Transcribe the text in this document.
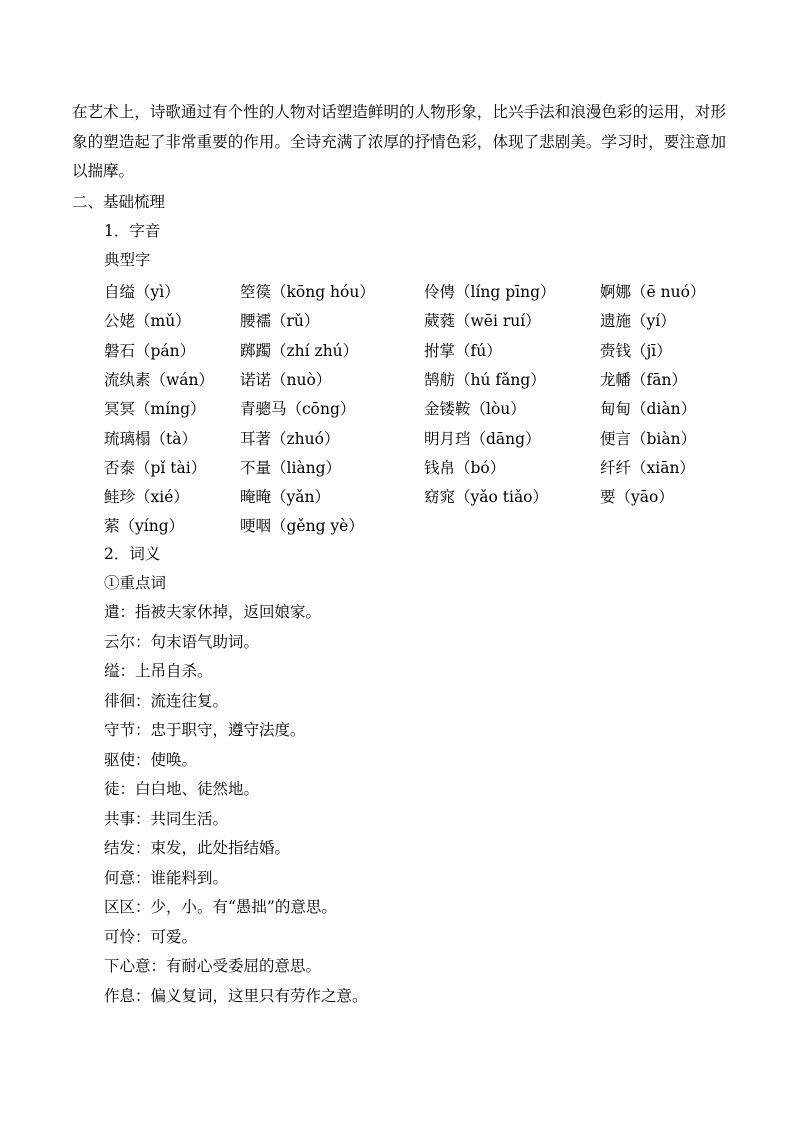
在艺术上，诗歌通过有个性的人物对话塑造鲜明的人物形象，比兴手法和浪漫色彩的运用，对形象的塑造起了非常重要的作用。全诗充满了浓厚的抒情色彩，体现了悲剧美。学习时，要注意加以揣摩。
二、基础梳理
1．字音
典型字
自缢（yì）	箜篌（kōng hóu）	伶俜（líng pīng）	婀娜（ē nuó）
公姥（mǔ）	腰襦（rǔ）	葳蕤（wēi ruí）	遗施（yí）
磐石（pán）	踯躅（zhí zhú）	拊掌（fú）	赍钱（jī）
流纨素（wán） 诺诺（nuò）	鹄舫（hú fǎng）	龙幡（fān）
冥冥（míng） 青骢马（cōng）	金镂鞍（lòu）	甸甸（diàn）
琉璃榻（tà）	耳著（zhuó）	明月珰（dāng）	便言（biàn）
否泰（pǐ tài） 不量（liàng）	钱帛（bó）	纤纤（xiān）
鲑珍（xié）	晻晻（yǎn）	窈窕（yǎo tiǎo）	要（yāo）
萦（yíng）	哽咽（gěng yè）
2．词义
①重点词
遣：指被夫家休掉，返回娘家。
云尔：句末语气助词。
缢：上吊自杀。
徘徊：流连往复。
守节：忠于职守，遵守法度。
驱使：使唤。
徒：白白地、徒然地。
共事：共同生活。
结发：束发，此处指结婚。
何意：谁能料到。
区区：少，小。有“愚拙”的意思。
可怜：可爱。
下心意：有耐心受委屈的意思。
作息：偏义复词，这里只有劳作之意。
